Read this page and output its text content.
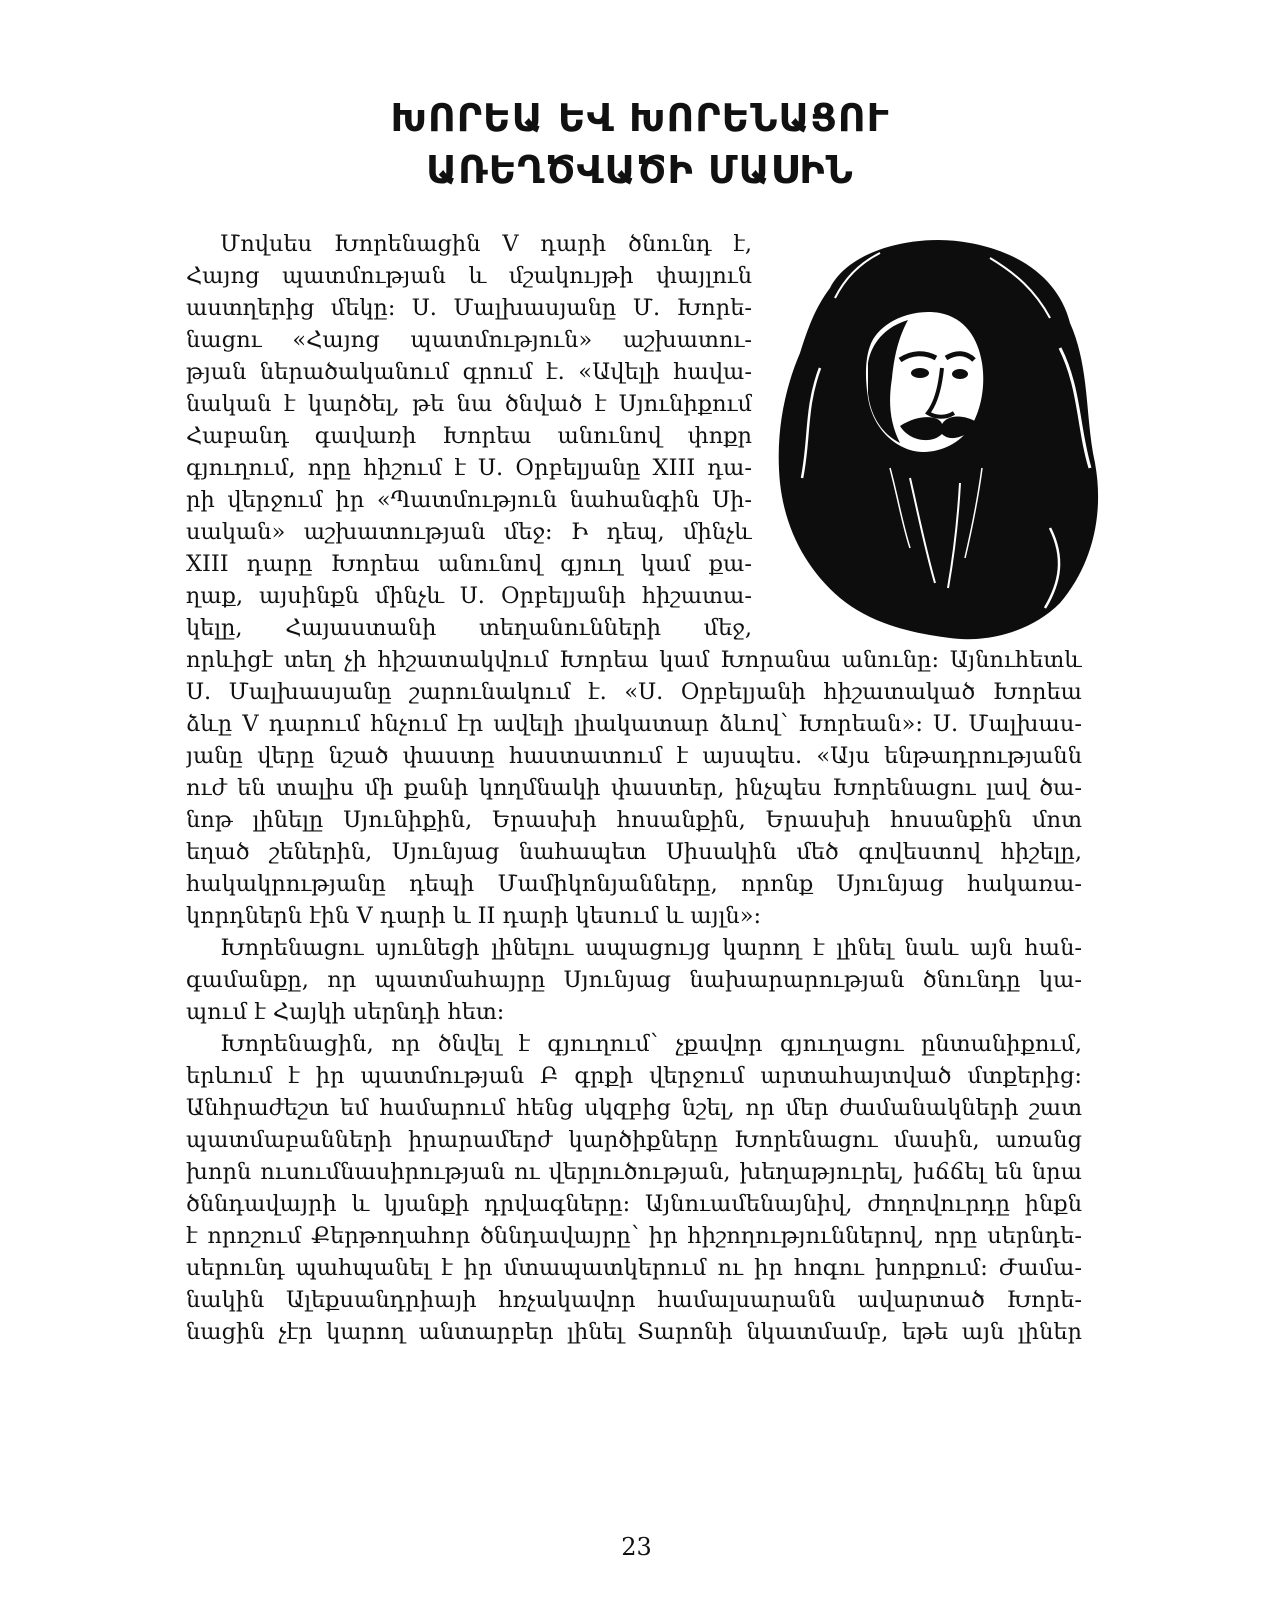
ԽՈՐԵԱ ԵՎ ԽՈՐԵՆԱՑՈՒ
ԱՌԵՂԾՎԱԾԻ ՄԱՍԻՆ
Մովսես Խորենացին V դարի ծնունդ է,
Հայոց պատմության և մշակույթի փայլուն
աստղերից մեկը: Ս. Մալխասյանը Մ. Խորե-
նացու «Հայոց պատմություն» աշխատու-
թյան ներածականում գրում է. «Ավելի հավա-
նական է կարծել, թե նա ծնված է Սյունիքում
Հաբանդ գավառի Խորեա անունով փոքր
գյուղում, որը հիշում է Ս. Օրբելյանը XIII դա-
րի վերջում իր «Պատմություն նահանգին Սի-
սական» աշխատության մեջ: Ի դեպ, մինչև
XIII դարը Խորեա անունով գյուղ կամ քա-
ղաք, այսինքն մինչև Ս. Օրբելյանի հիշատա-
կելը, Հայաստանի տեղանունների մեջ,
որևիցէ տեղ չի հիշատակվում Խորեա կամ Խորանա անունը: Այնուհետև
Ս. Մալխասյանը շարունակում է. «Ս. Օրբելյանի հիշատակած Խորեա
ձևը V դարում հնչում էր ավելի լիակատար ձևով՝ Խորեան»: Ս. Մալխաս-
յանը վերը նշած փաստը հաստատում է այսպես. «Այս ենթադրությանն
ուժ են տալիս մի քանի կողմնակի փաստեր, ինչպես Խորենացու լավ ծա-
նոթ լինելը Սյունիքին, Երասխի հոսանքին, Երասխի հոսանքին մոտ
եղած շեներին, Սյունյաց նահապետ Սիսակին մեծ գովեստով հիշելը,
հակակրությանը դեպի Մամիկոնյանները, որոնք Սյունյաց հակառա-
կորդներն էին V դարի և II դարի կեսում և այլն»:
Խորենացու սյունեցի լինելու ապացույց կարող է լինել նաև այն հան-
գամանքը, որ պատմահայրը Սյունյաց նախարարության ծնունդը կա-
պում է Հայկի սերնդի հետ:
Խորենացին, որ ծնվել է գյուղում՝ չքավոր գյուղացու ընտանիքում,
երևում է իր պատմության Բ գրքի վերջում արտահայտված մտքերից:
Անհրաժեշտ եմ համարում հենց սկզբից նշել, որ մեր ժամանակների շատ
պատմաբանների իրարամերժ կարծիքները Խորենացու մասին, առանց
խորն ուսումնասիրության ու վերլուծության, խեղաթյուրել, խճճել են նրա
ծննդավայրի և կյանքի դրվագները: Այնուամենայնիվ, ժողովուրդը ինքն
է որոշում Քերթողահոր ծննդավայրը՝ իր հիշողություններով, որը սերնդե-
սերունդ պահպանել է իր մտապատկերում ու իր հոգու խորքում: Ժամա-
նակին Ալեքսանդրիայի հռչակավոր համալսարանն ավարտած Խորե-
նացին չէր կարող անտարբեր լինել Տարոնի նկատմամբ, եթե այն լիներ
23
